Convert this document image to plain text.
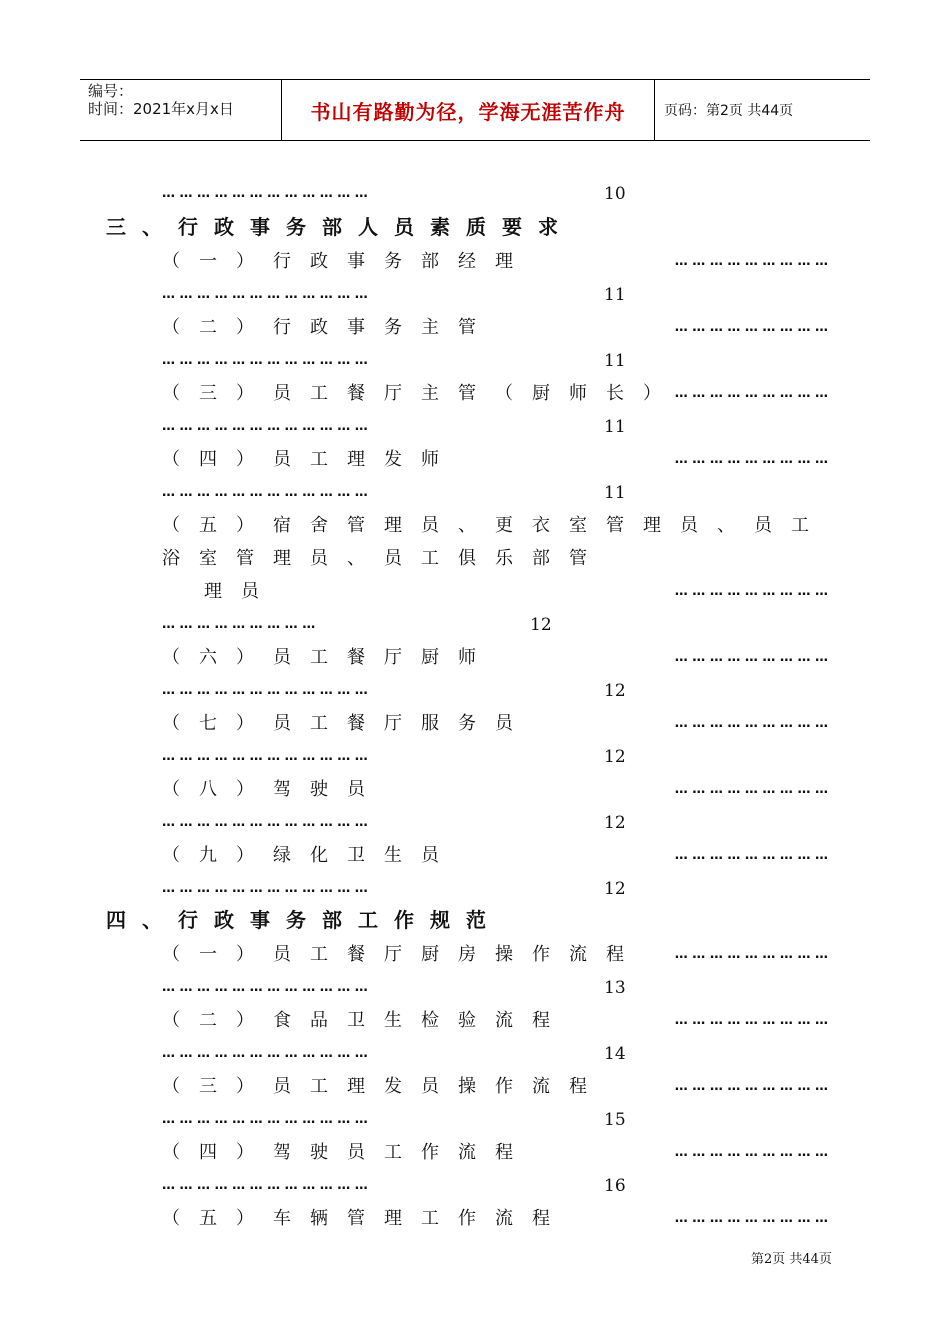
编号：
时间：2021年x月x日	书山有路勤为径，学海无涯苦作舟	页码：第2页 共44页
… … … … … … … … … … … …	10
三、行政事务部人员素质要求
（一）行政事务部经理	… … … … … … … … …
… … … … … … … … … … … …	11
（二）行政事务主管	… … … … … … … … …
… … … … … … … … … … … …	11
（三）员工餐厅主管（厨师长）
… … … … … … … … …
… … … … … … … … … … … …	11
（四）员工理发师	… … … … … … … … …
… … … … … … … … … … … …	11
（五）宿舍管理员、更衣室管理员、员工
浴室管理员、员工俱乐部管
理员	… … … … … … … … …
… … … … … … … … …	12
（六）员工餐厅厨师	… … … … … … … … …
… … … … … … … … … … … …	12
（七）员工餐厅服务员	… … … … … … … … …
… … … … … … … … … … … …	12
（八）驾驶员	… … … … … … … … …
… … … … … … … … … … … …	12
（九）绿化卫生员	… … … … … … … … …
… … … … … … … … … … … …	12
四、行政事务部工作规范
（一）员工餐厅厨房操作流程 … … … … … … … … …
… … … … … … … … … … … …	13
（二）食品卫生检验流程	… … … … … … … … …
… … … … … … … … … … … …	14
（三）员工理发员操作流程	… … … … … … … … …
… … … … … … … … … … … …	15
（四）驾驶员工作流程	… … … … … … … … …
… … … … … … … … … … … …	16
（五）车辆管理工作流程	… … … … … … … … …
第2页 共44页
